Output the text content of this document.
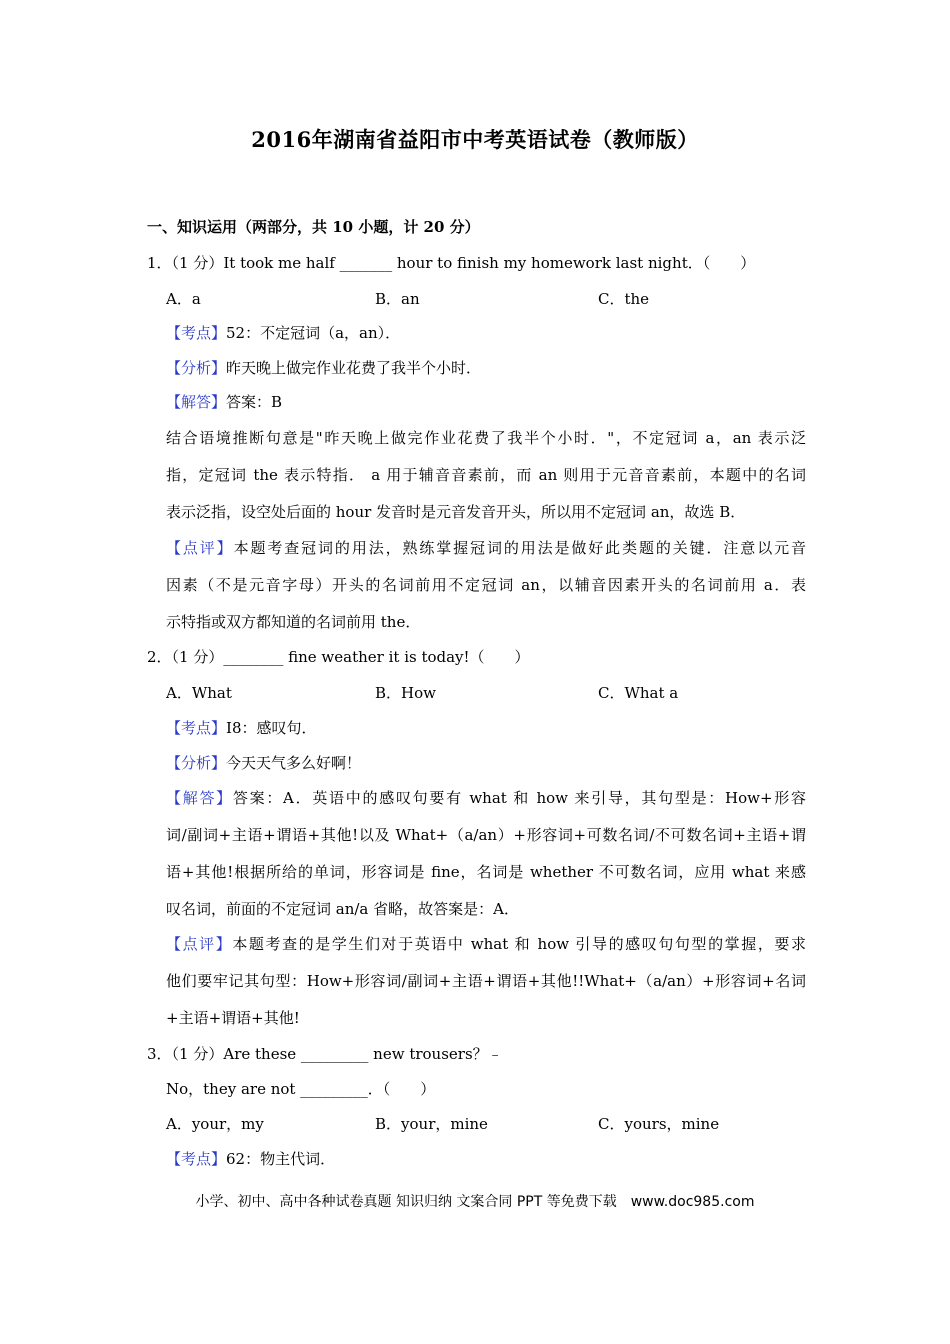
2016年湖南省益阳市中考英语试卷（教师版）
一、知识运用（两部分，共 10 小题，计 20 分）
1．（1 分）It took me half _______ hour to finish my homework last night．（　　）
A．a	B．an	C．the
【考点】52：不定冠词（a，an）．
【分析】昨天晚上做完作业花费了我半个小时．
【解答】答案：B
结合语境推断句意是"昨天晚上做完作业花费了我半个小时．"，不定冠词 a，an 表示泛
指，定冠词 the 表示特指． a 用于辅音音素前，而 an 则用于元音音素前，本题中的名词
表示泛指，设空处后面的 hour 发音时是元音发音开头，所以用不定冠词 an，故选 B．
【点评】本题考查冠词的用法，熟练掌握冠词的用法是做好此类题的关键．注意以元音
因素（不是元音字母）开头的名词前用不定冠词 an，以辅音因素开头的名词前用 a．表
示特指或双方都知道的名词前用 the．
2．（1 分）________ fine weather it is today!（　　）
A．What	B．How	C．What a
【考点】I8：感叹句．
【分析】今天天气多么好啊！
【解答】答案：A．英语中的感叹句要有 what 和 how 来引导，其句型是：How+形容
词/副词+主语+谓语+其他!以及 What+（a/an）+形容词+可数名词/不可数名词+主语+谓
语+其他!根据所给的单词，形容词是 fine，名词是 whether 不可数名词，应用 what 来感
叹名词，前面的不定冠词 an/a 省略，故答案是：A．
【点评】本题考查的是学生们对于英语中 what 和 how 引导的感叹句句型的掌握，要求
他们要牢记其句型：How+形容词/副词+主语+谓语+其他!!What+（a/an）+形容词+名词
+主语+谓语+其他!
3．（1 分）Are these _________ new trousers？﹣
No，they are not _________．（　　）
A．your，my	B．your，mine	C．yours，mine
【考点】62：物主代词．
小学、初中、高中各种试卷真题 知识归纳 文案合同 PPT 等免费下载　www.doc985.com
